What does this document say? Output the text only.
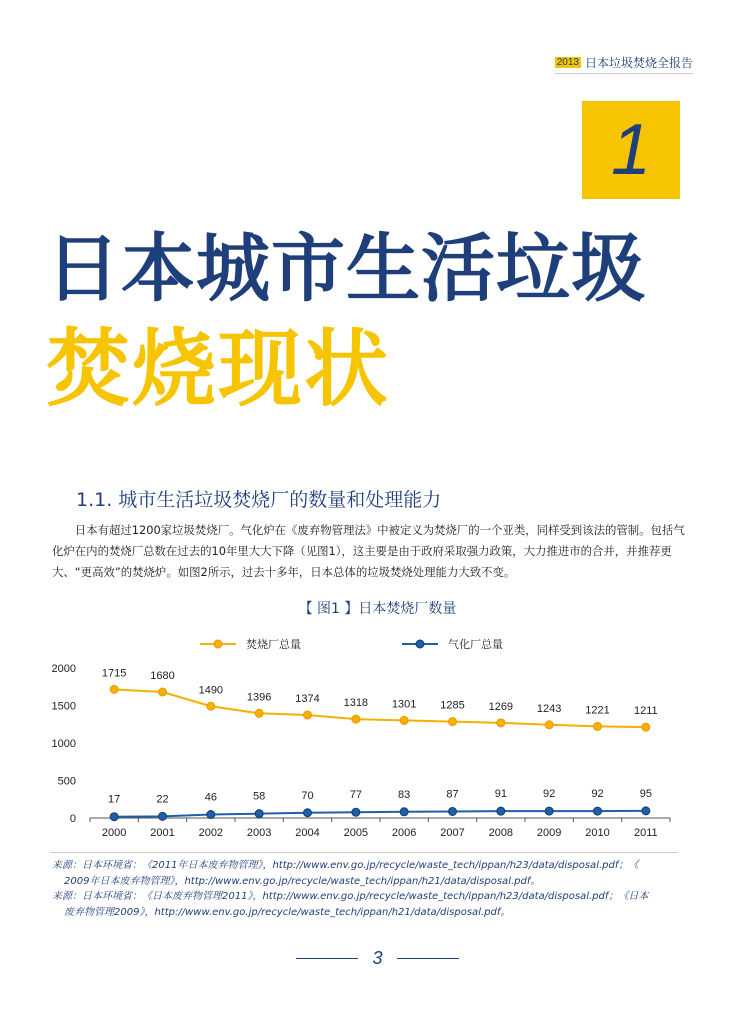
2013 日本垃圾焚烧全报告
1
日本城市生活垃圾
焚烧现状
1.1. 城市生活垃圾焚烧厂的数量和处理能力

日本有超过1200家垃圾焚烧厂。气化炉在《废弃物管理法》中被定义为焚烧厂的一个亚类，同样受到该法的管制。包括气化炉在内的焚烧厂总数在过去的10年里大大下降（见图1），这主要是由于政府采取强力政策，大力推进市的合并，并推荐更大、“更高效”的焚烧炉。如图2所示，过去十多年，日本总体的垃圾焚烧处理能力大致不变。

【 图1 】日本焚烧厂数量
2000 2001 2002 2003 2004 2005 2006 2007 2008 2009 2010 2011
0
500
1000
1500
2000
焚烧厂总量	气化厂总量
1715 1680
1490
1396 1374 1318 1301 1285 1269 1243 1221 1211
17	22	46	58	70	77	83	87	91	92	92	95

来源：日本环境省：《2011年日本废弃物管理》，http://www.env.go.jp/recycle/waste_tech/ippan/h23/data/disposal.pdf；《
2009年日本废弃物管理》，http://www.env.go.jp/recycle/waste_tech/ippan/h21/data/disposal.pdf。

来源：日本环境省：《日本废弃物管理2011》，http://www.env.go.jp/recycle/waste_tech/ippan/h23/data/disposal.pdf；《日本
废弃物管理2009》，http://www.env.go.jp/recycle/waste_tech/ippan/h21/data/disposal.pdf。

3
